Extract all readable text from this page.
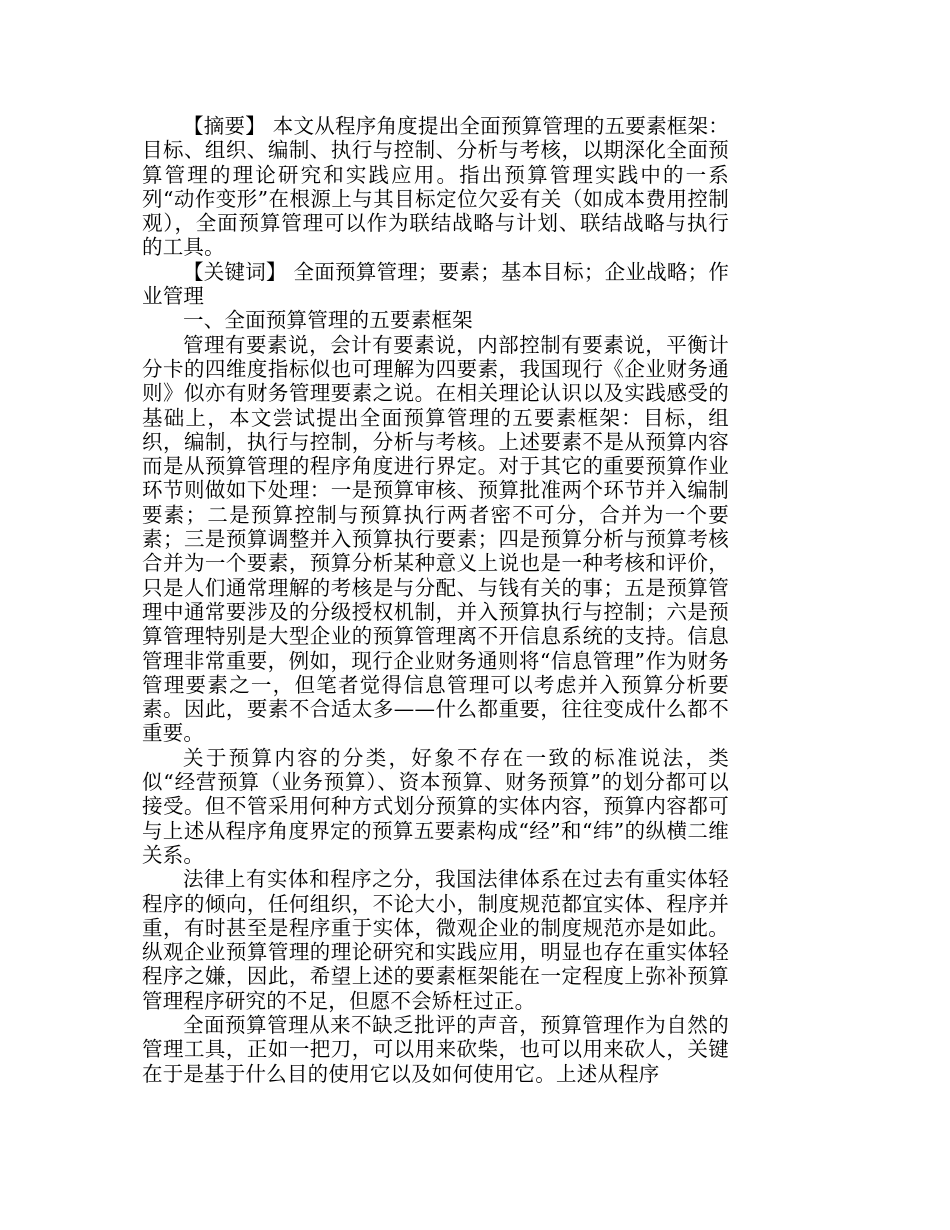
【摘要】 本文从程序角度提出全面预算管理的五要素框架：目标、组织、编制、执行与控制、分析与考核，以期深化全面预算管理的理论研究和实践应用。指出预算管理实践中的一系列“动作变形”在根源上与其目标定位欠妥有关（如成本费用控制观），全面预算管理可以作为联结战略与计划、联结战略与执行的工具。

【关键词】 全面预算管理；要素；基本目标；企业战略；作业管理

一、全面预算管理的五要素框架

管理有要素说，会计有要素说，内部控制有要素说，平衡计分卡的四维度指标似也可理解为四要素，我国现行《企业财务通则》似亦有财务管理要素之说。在相关理论认识以及实践感受的基础上，本文尝试提出全面预算管理的五要素框架：目标，组织，编制，执行与控制，分析与考核。上述要素不是从预算内容而是从预算管理的程序角度进行界定。对于其它的重要预算作业环节则做如下处理：一是预算审核、预算批准两个环节并入编制要素；二是预算控制与预算执行两者密不可分，合并为一个要素；三是预算调整并入预算执行要素；四是预算分析与预算考核合并为一个要素，预算分析某种意义上说也是一种考核和评价，只是人们通常理解的考核是与分配、与钱有关的事；五是预算管理中通常要涉及的分级授权机制，并入预算执行与控制；六是预算管理特别是大型企业的预算管理离不开信息系统的支持。信息管理非常重要，例如，现行企业财务通则将“信息管理”作为财务管理要素之一，但笔者觉得信息管理可以考虑并入预算分析要素。因此，要素不合适太多——什么都重要，往往变成什么都不重要。

关于预算内容的分类，好象不存在一致的标准说法，类似“经营预算（业务预算）、资本预算、财务预算”的划分都可以接受。但不管采用何种方式划分预算的实体内容，预算内容都可与上述从程序角度界定的预算五要素构成“经”和“纬”的纵横二维关系。

法律上有实体和程序之分，我国法律体系在过去有重实体轻程序的倾向，任何组织，不论大小，制度规范都宜实体、程序并重，有时甚至是程序重于实体，微观企业的制度规范亦是如此。纵观企业预算管理的理论研究和实践应用，明显也存在重实体轻程序之嫌，因此，希望上述的要素框架能在一定程度上弥补预算管理程序研究的不足，但愿不会矫枉过正。

全面预算管理从来不缺乏批评的声音，预算管理作为自然的管理工具，正如一把刀，可以用来砍柴，也可以用来砍人，关键在于是基于什么目的使用它以及如何使用它。上述从程序
